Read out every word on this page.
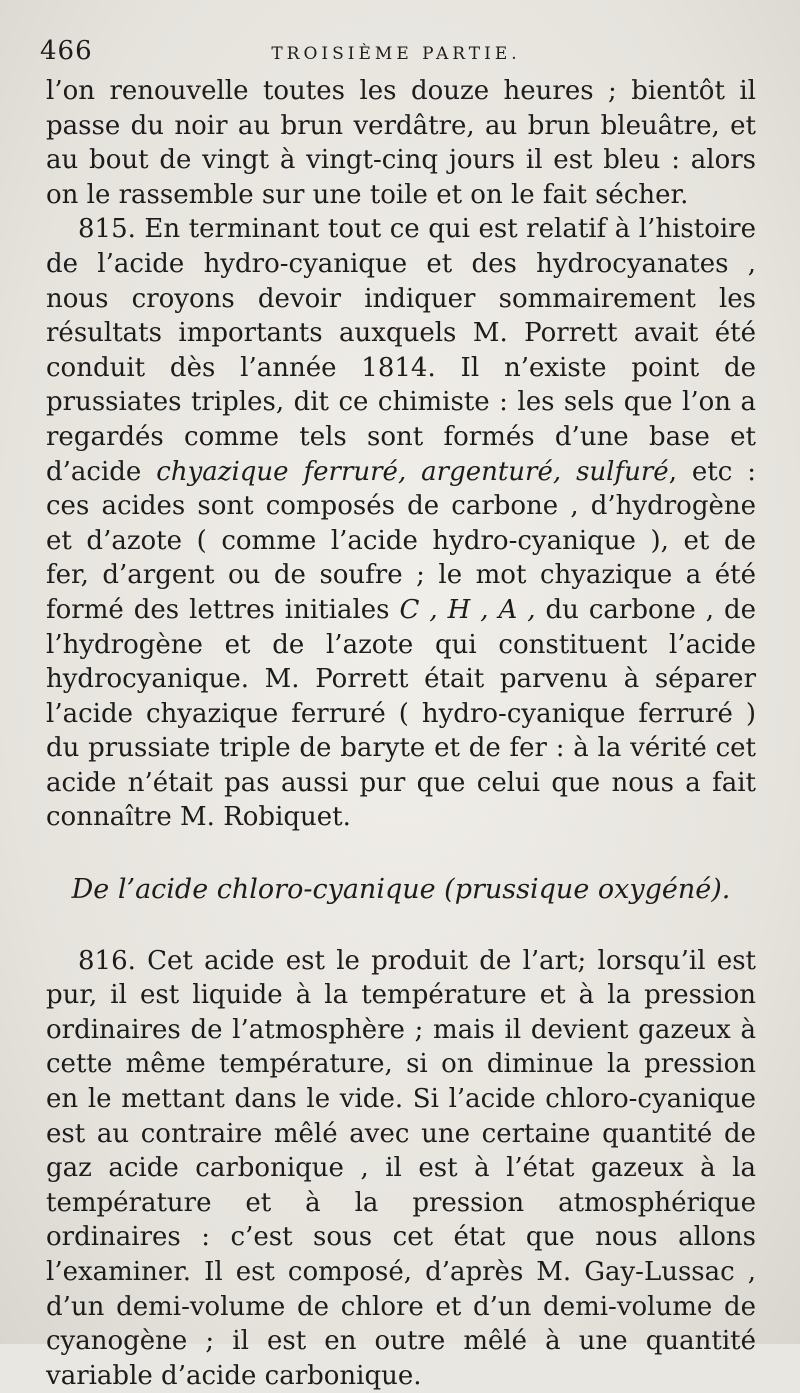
466	TROISIÈME PARTIE.

l’on renouvelle toutes les douze heures ; bientôt il passe du noir au brun verdâtre, au brun bleuâtre, et au bout de vingt à vingt-cinq jours il est bleu : alors on le rassemble sur une toile et on le fait sécher.

815. En terminant tout ce qui est relatif à l’histoire de l’acide hydro-cyanique et des hydrocyanates , nous croyons devoir indiquer sommairement les résultats importants auxquels M. Porrett avait été conduit dès l’année 1814. Il n’existe point de prussiates triples, dit ce chimiste : les sels que l’on a regardés comme tels sont formés d’une base et d’acide chyazique ferruré, argenturé, sulfuré, etc : ces acides sont composés de carbone , d’hydrogène et d’azote ( comme l’acide hydro-cyanique ), et de fer, d’argent ou de soufre ; le mot chyazique a été formé des lettres initiales C , H , A , du carbone , de l’hydrogène et de l’azote qui constituent l’acide hydrocyanique. M. Porrett était parvenu à séparer l’acide chyazique ferruré ( hydro-cyanique ferruré ) du prussiate triple de baryte et de fer : à la vérité cet acide n’était pas aussi pur que celui que nous a fait connaître M. Robiquet.

De l’acide chloro-cyanique (prussique oxygéné).

816. Cet acide est le produit de l’art; lorsqu’il est pur, il est liquide à la température et à la pression ordinaires de l’atmosphère ; mais il devient gazeux à cette même température, si on diminue la pression en le mettant dans le vide. Si l’acide chloro-cyanique est au contraire mêlé avec une certaine quantité de gaz acide carbonique , il est à l’état gazeux à la température et à la pression atmosphérique ordinaires : c’est sous cet état que nous allons l’examiner. Il est composé, d’après M. Gay-Lussac , d’un demi-volume de chlore et d’un demi-volume de cyanogène ; il est en outre mêlé à une quantité variable d’acide carbonique.
